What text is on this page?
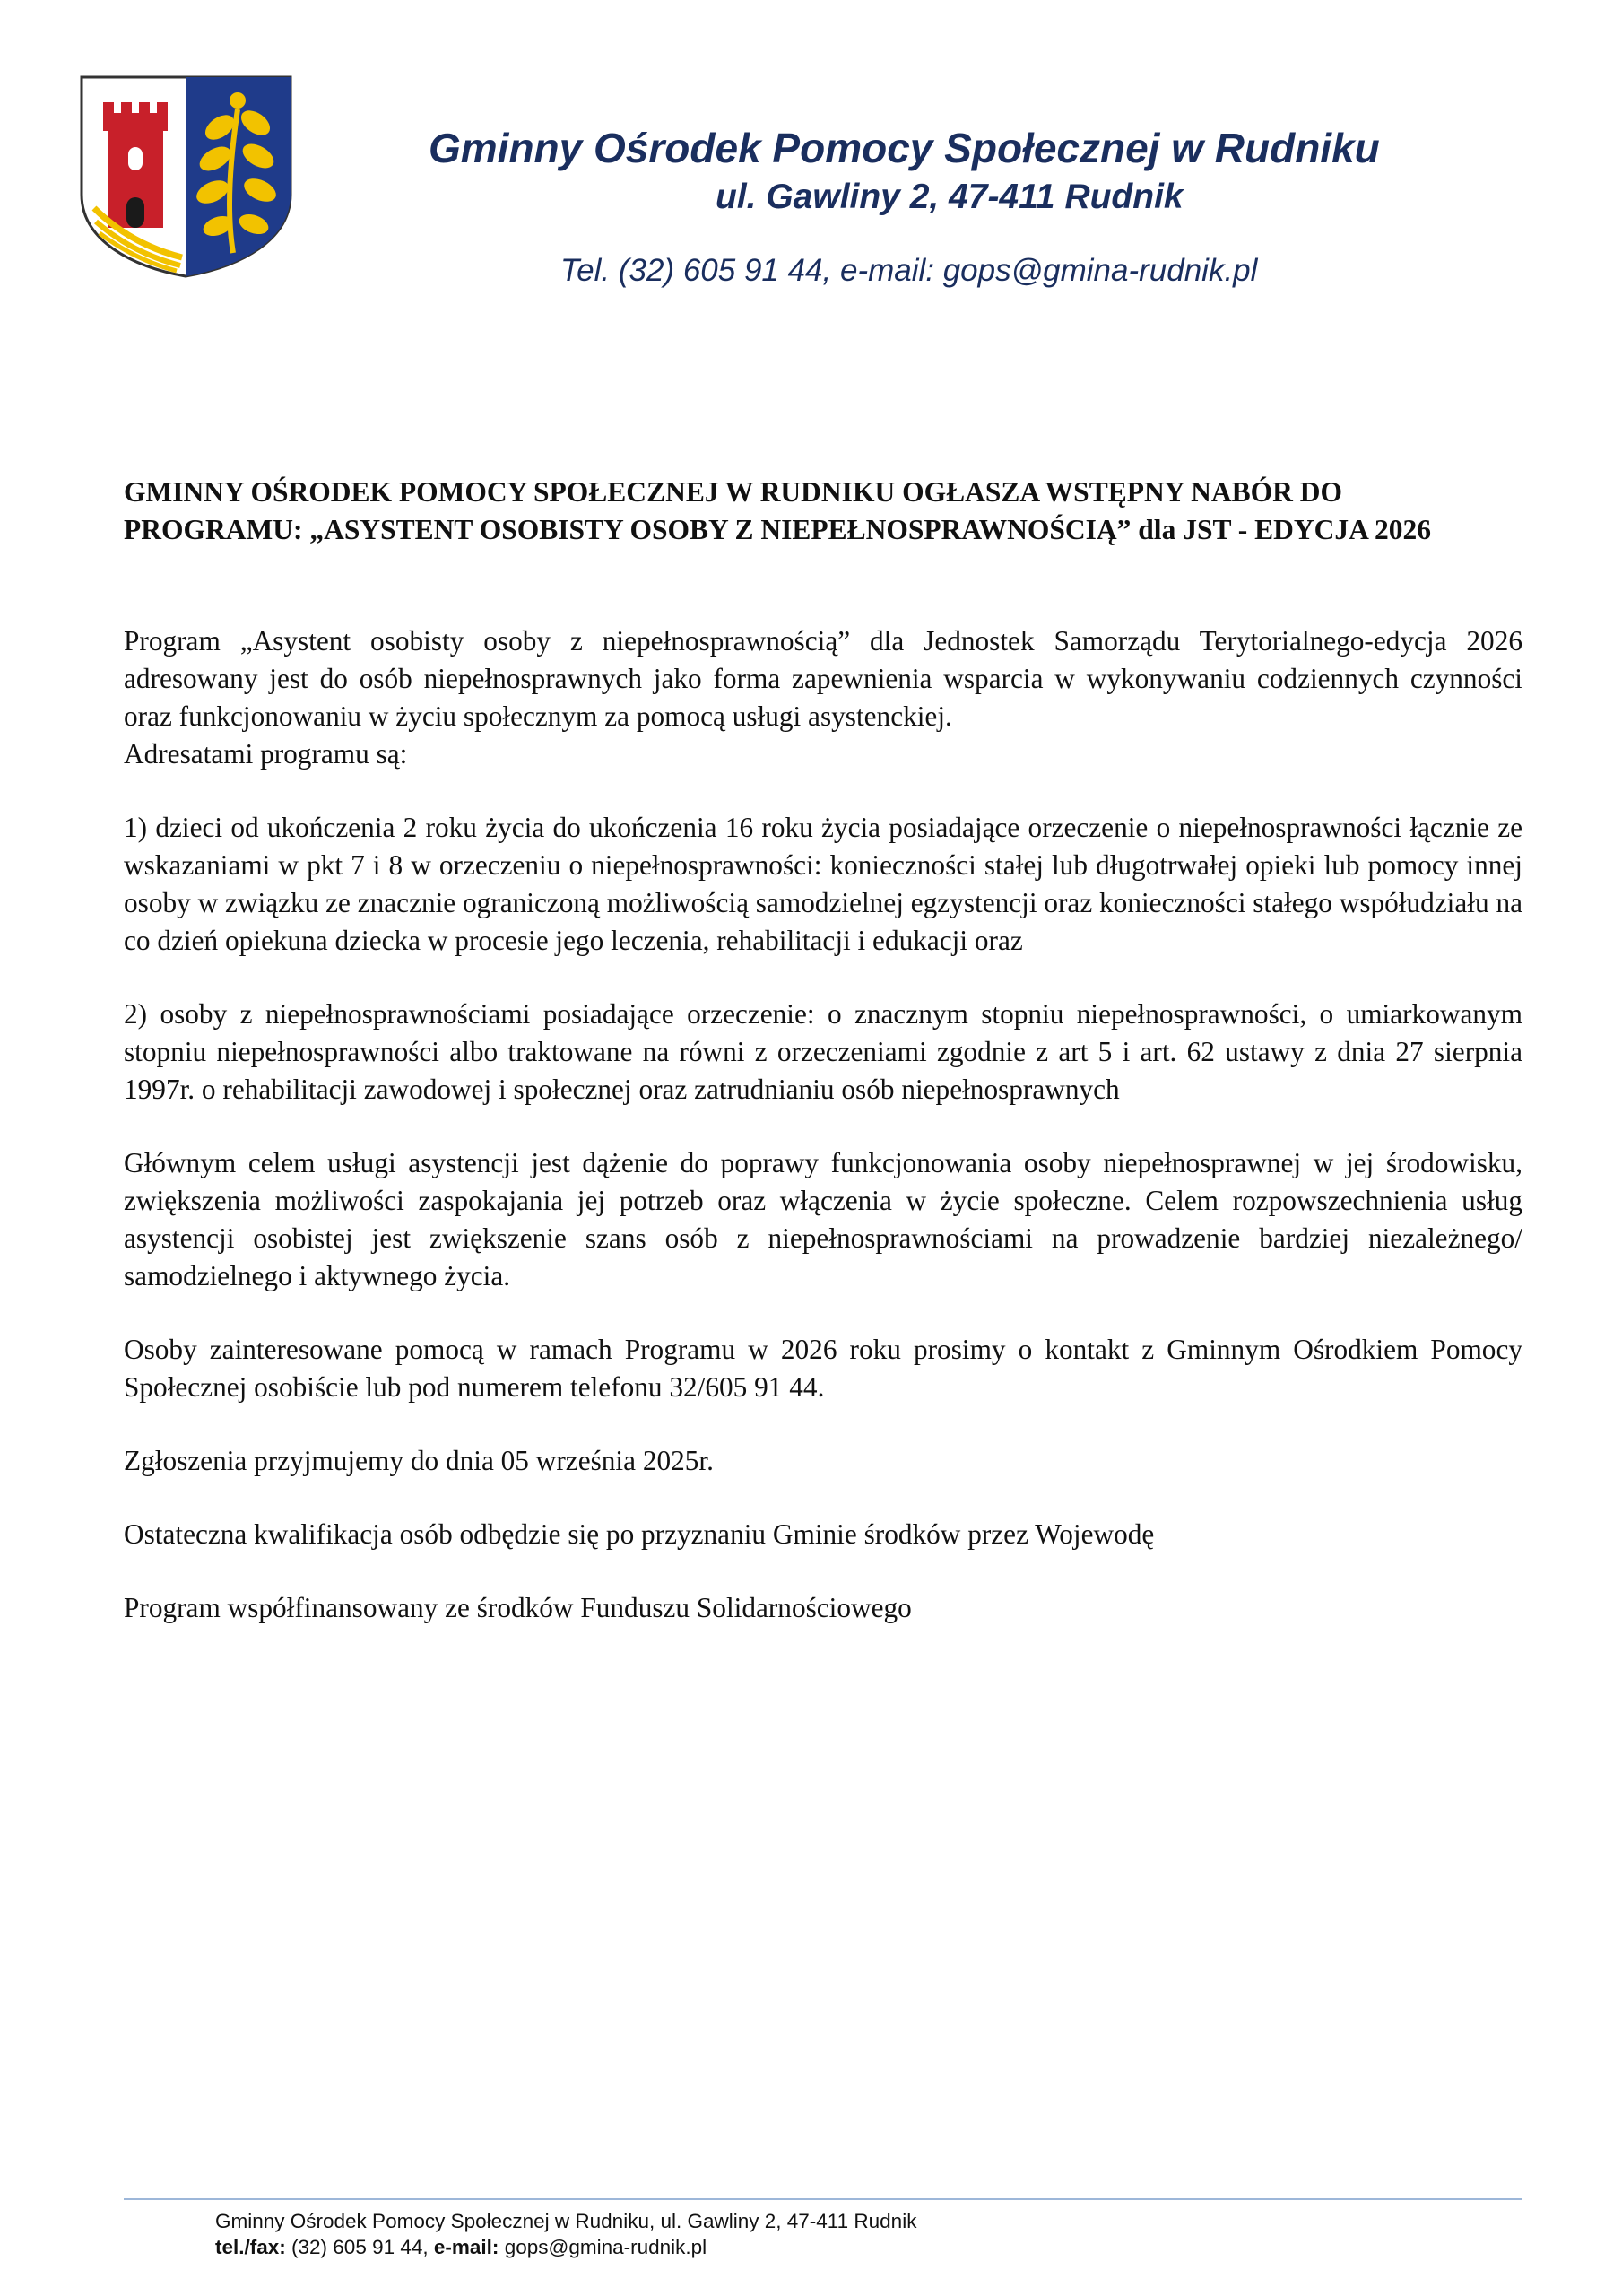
Gminny Ośrodek Pomocy Społecznej w Rudniku
ul. Gawliny 2, 47-411 Rudnik
Tel. (32) 605 91 44, e-mail: gops@gmina-rudnik.pl

GMINNY OŚRODEK POMOCY SPOŁECZNEJ W RUDNIKU OGŁASZA WSTĘPNY NABÓR DO PROGRAMU: „ASYSTENT OSOBISTY OSOBY Z NIEPEŁNOSPRAWNOŚCIĄ” dla JST - EDYCJA 2026

Program „Asystent osobisty osoby z niepełnosprawnością” dla Jednostek Samorządu Terytorialnego-edycja 2026 adresowany jest do osób niepełnosprawnych jako forma zapewnienia wsparcia w wykonywaniu codziennych czynności oraz funkcjonowaniu w życiu społecznym za pomocą usługi asystenckiej.

Adresatami programu są:

1) dzieci od ukończenia 2 roku życia do ukończenia 16 roku życia posiadające orzeczenie o niepełnosprawności łącznie ze wskazaniami w pkt 7 i 8 w orzeczeniu o niepełnosprawności: konieczności stałej lub długotrwałej opieki lub pomocy innej osoby w związku ze znacznie ograniczoną możliwością samodzielnej egzystencji oraz konieczności stałego współudziału na co dzień opiekuna dziecka w procesie jego leczenia, rehabilitacji i edukacji oraz

2) osoby z niepełnosprawnościami posiadające orzeczenie: o znacznym stopniu niepełnosprawności, o umiarkowanym stopniu niepełnosprawności albo traktowane na równi z orzeczeniami zgodnie z art 5 i art. 62 ustawy z dnia 27 sierpnia 1997r. o rehabilitacji zawodowej i społecznej oraz zatrudnianiu osób niepełnosprawnych

Głównym celem usługi asystencji jest dążenie do poprawy funkcjonowania osoby niepełnosprawnej w jej środowisku, zwiększenia możliwości zaspokajania jej potrzeb oraz włączenia w życie społeczne. Celem rozpowszechnienia usług asystencji osobistej jest zwiększenie szans osób z niepełnosprawnościami na prowadzenie bardziej niezależnego/ samodzielnego i aktywnego życia.

Osoby zainteresowane pomocą w ramach Programu w 2026 roku prosimy o kontakt z Gminnym Ośrodkiem Pomocy Społecznej osobiście lub pod numerem telefonu 32/605 91 44.

Zgłoszenia przyjmujemy do dnia 05 września 2025r.

Ostateczna kwalifikacja osób odbędzie się po przyznaniu Gminie środków przez Wojewodę

Program współfinansowany ze środków Funduszu Solidarnościowego

Gminny Ośrodek Pomocy Społecznej w Rudniku, ul. Gawliny 2, 47-411 Rudnik
tel./fax: (32) 605 91 44, e-mail: gops@gmina-rudnik.pl
